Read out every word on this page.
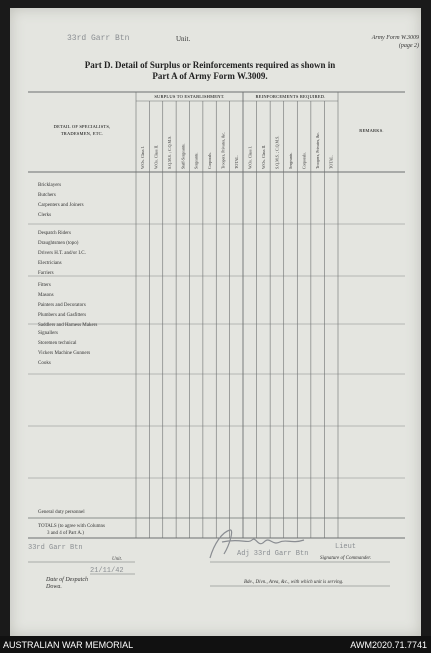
33rd Garr Btn	Unit.	Army Form W.3009
(page 2)
Part D. Detail of Surplus or Reinforcements required as shown in
Part A of Army Form W.3009.
W.Os. Class I. W.Os. Class II. S.Q.M.S. ; C.Q.M.S. Staff-Sergeants. Sergeants. Corporals. Troopers, Privates, &c. TOTAL. W.Os. Class I. W.Os. Class II. S.Q.M.S. ; C.Q.M.S. Sergeants. Corporals. Troopers, Privates, &c. TOTAL.
SURPLUS TO ESTABLISHMENT.	REINFORCEMENTS REQUIRED.
REMARKS.
DETAIL OF SPECIALISTS,
TRADESMEN, ETC.
Bricklayers
Butchers
Carpenters and Joiners
Clerks
Despatch Riders
Draughtsmen (topo)
Drivers H.T. and/or I.C.
Electricians
Farriers
Fitters
Masons
Painters and Decorators
Plumbers and Gasfitters
Saddlers and Harness Makers
Signallers
Storemen technical
Vickers Machine Gunners
Cooks
General duty personnel
TOTALS (to agree with Columns
3 and 4 of Part A.)
33rd Garr Btn
Unit.
21/11/42
Date of Despatch
Dowa.
Adj 33rd Garr Btn
Lieut
Signature of Commander.
Bde., Divn., Area, &c., with which unit is serving.
AUSTRALIAN WAR MEMORIAL	AWM2020.71.7741
